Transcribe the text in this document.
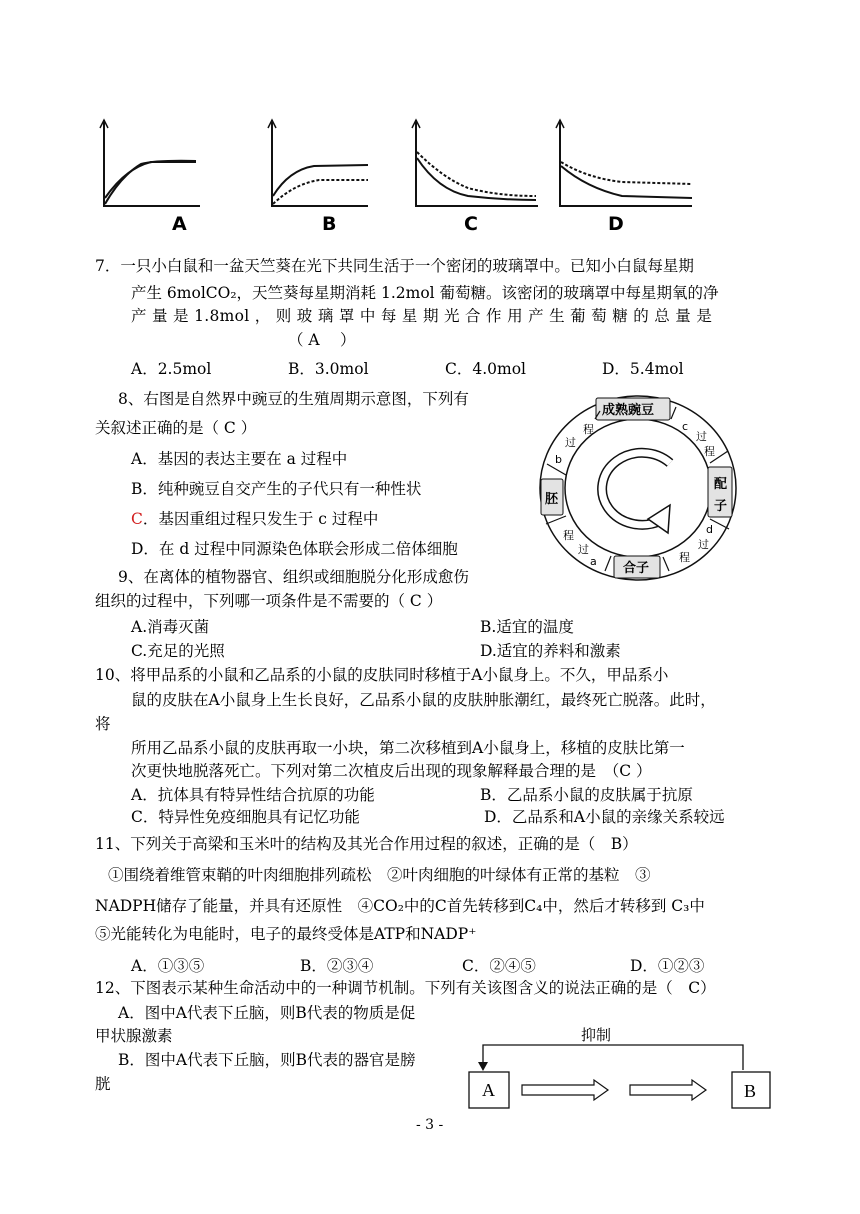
A	B	C	D
7．一只小白鼠和一盆天竺葵在光下共同生活于一个密闭的玻璃罩中。已知小白鼠每星期
产生 6molCO₂，天竺葵每星期消耗 1.2mol 葡萄糖。该密闭的玻璃罩中每星期氧的净
产 量 是 1.8mol ， 则 玻 璃 罩 中 每 星 期 光 合 作 用 产 生 葡 萄 糖 的 总 量 是
（ A　 ）
A．2.5mol	B．3.0mol	C．4.0mol	D．5.4mol
8、右图是自然界中豌豆的生殖周期示意图，下列有
关叙述正确的是（ C ）
A．基因的表达主要在 a 过程中
B．纯种豌豆自交产生的子代只有一种性状
C．基因重组过程只发生于 c 过程中
D．在 d 过程中同源染色体联会形成二倍体细胞
成熟豌豆
配
子
合子
胚
程
过
b
c
过
程
d
过
程
程
过
a
9、在离体的植物器官、组织或细胞脱分化形成愈伤
组织的过程中，下列哪一项条件是不需要的（ C ）
A.消毒灭菌	B.适宜的温度
C.充足的光照	D.适宜的养料和激素
10、将甲品系的小鼠和乙品系的小鼠的皮肤同时移植于A小鼠身上。不久，甲品系小
鼠的皮肤在A小鼠身上生长良好，乙品系小鼠的皮肤肿胀潮红，最终死亡脱落。此时，
将
所用乙品系小鼠的皮肤再取一小块，第二次移植到A小鼠身上，移植的皮肤比第一
次更快地脱落死亡。下列对第二次植皮后出现的现象解释最合理的是　（C ）
A．抗体具有特异性结合抗原的功能	B．乙品系小鼠的皮肤属于抗原
C．特异性免疫细胞具有记忆功能	D．乙品系和A小鼠的亲缘关系较远
11、下列关于高梁和玉米叶的结构及其光合作用过程的叙述，正确的是（　B）
①围绕着维管束鞘的叶肉细胞排列疏松　②叶肉细胞的叶绿体有正常的基粒　③
NADPH储存了能量，并具有还原性　④CO₂中的C首先转移到C₄中，然后才转移到 C₃中
⑤光能转化为电能时，电子的最终受体是ATP和NADP⁺
A．①③⑤	B．②③④	C．②④⑤	D．①②③
12、下图表示某种生命活动中的一种调节机制。下列有关该图含义的说法正确的是（　C）
A．图中A代表下丘脑，则B代表的物质是促
甲状腺激素
B．图中A代表下丘脑，则B代表的器官是膀
胱
抑制
A	B
- 3 -
